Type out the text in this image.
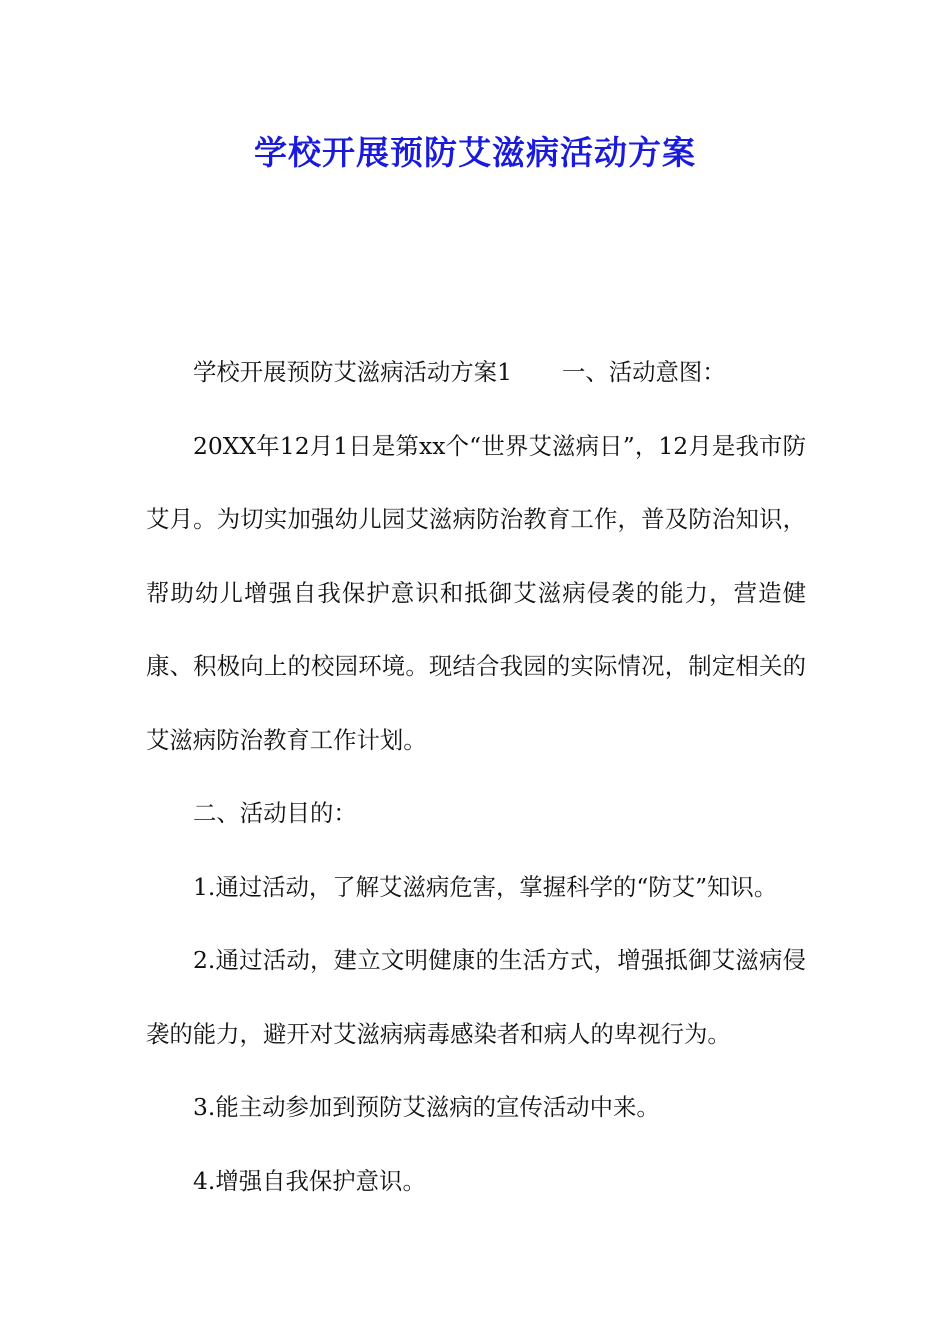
学校开展预防艾滋病活动方案

学校开展预防艾滋病活动方案1 一、活动意图：

20XX年12月1日是第xx个“世界艾滋病日”，12月是我市防艾月。为切实加强幼儿园艾滋病防治教育工作，普及防治知识，帮助幼儿增强自我保护意识和抵御艾滋病侵袭的能力，营造健康、积极向上的校园环境。现结合我园的实际情况，制定相关的艾滋病防治教育工作计划。

二、活动目的：

1.通过活动，了解艾滋病危害，掌握科学的“防艾”知识。

2.通过活动，建立文明健康的生活方式，增强抵御艾滋病侵袭的能力，避开对艾滋病病毒感染者和病人的卑视行为。

3.能主动参加到预防艾滋病的宣传活动中来。

4.增强自我保护意识。
